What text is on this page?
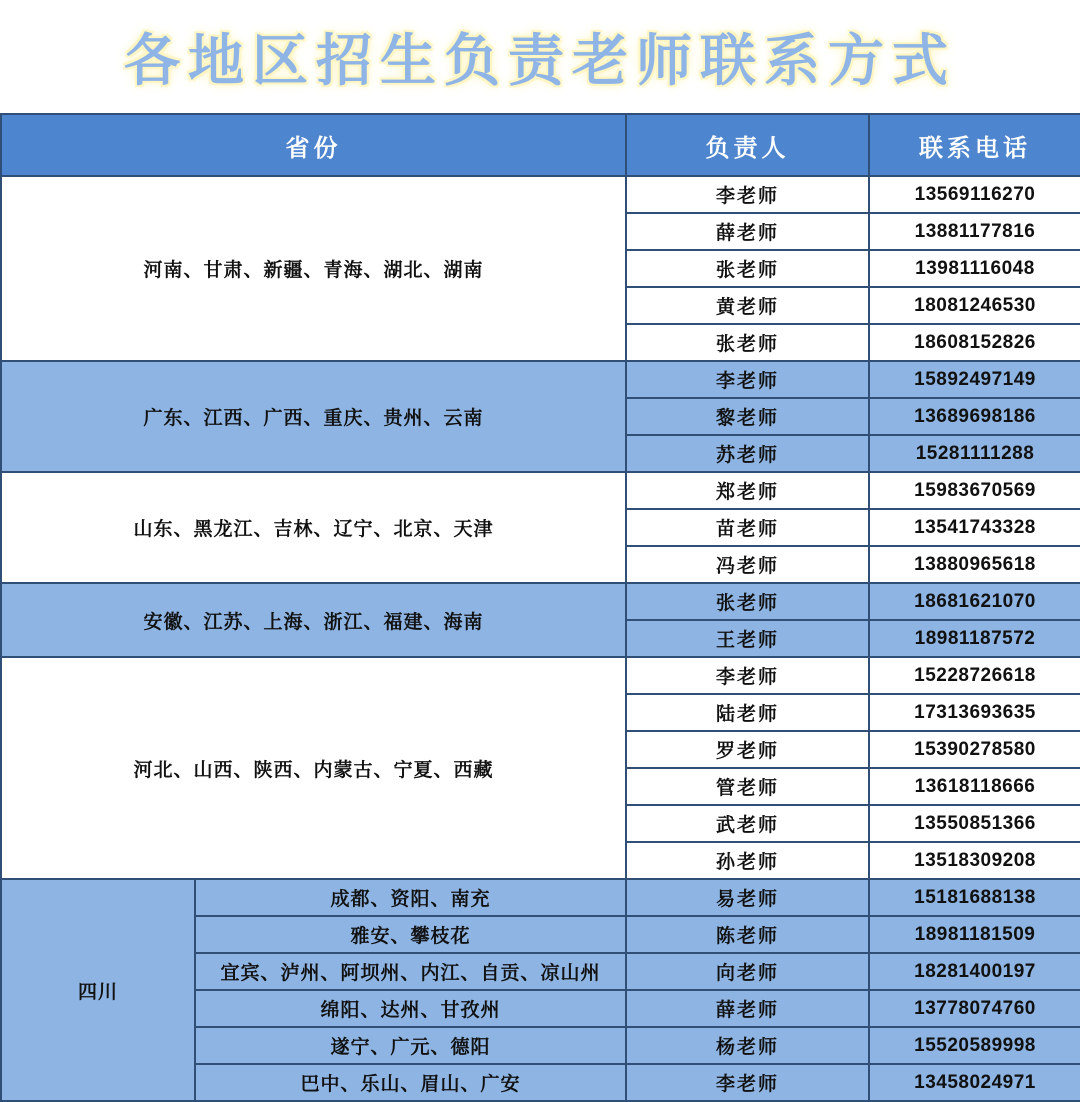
各地区招生负责老师联系方式
省份		负责人	联系电话
河南、甘肃、新疆、青海、湖北、湖南		李老师	13569116270
		薛老师	13881177816
		张老师	13981116048
		黄老师	18081246530
		张老师	18608152826
广东、江西、广西、重庆、贵州、云南		李老师	15892497149
		黎老师	13689698186
		苏老师	15281111288
山东、黑龙江、吉林、辽宁、北京、天津		郑老师	15983670569
		苗老师	13541743328
		冯老师	13880965618
安徽、江苏、上海、浙江、福建、海南		张老师	18681621070
		王老师	18981187572
河北、山西、陕西、内蒙古、宁夏、西藏		李老师	15228726618
		陆老师	17313693635
		罗老师	15390278580
		管老师	13618118666
		武老师	13550851366
		孙老师	13518309208
四川	成都、资阳、南充	易老师	15181688138
	雅安、攀枝花	陈老师	18981181509
	宜宾、泸州、阿坝州、内江、自贡、凉山州	向老师	18281400197
	绵阳、达州、甘孜州	薛老师	13778074760
	遂宁、广元、德阳	杨老师	15520589998
	巴中、乐山、眉山、广安	李老师	13458024971
